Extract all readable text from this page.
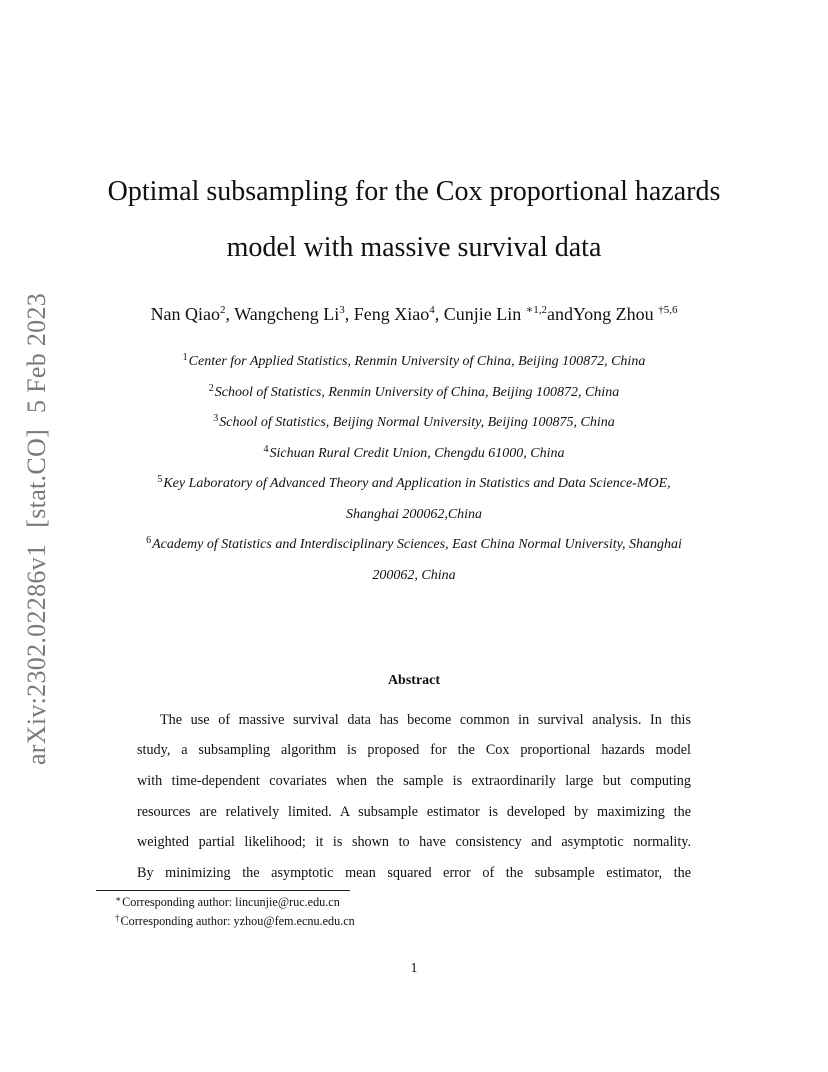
arXiv:2302.02286v1[stat.CO]5 Feb 2023
Optimal subsampling for the Cox proportional hazards
model with massive survival data
Nan Qiao$^2$, Wangcheng Li$^3$, Feng Xiao$^4$, Cunjie Lin $^{∗1,2}$andYong Zhou $^{\dagger 5,6}$
$^1$Center for Applied Statistics, Renmin University of China, Beijing 100872, China
$^2$School of Statistics, Renmin University of China, Beijing 100872, China
$^3$School of Statistics, Beijing Normal University, Beijing 100875, China
$^4$Sichuan Rural Credit Union, Chengdu 61000, China
$^5$Key Laboratory of Advanced Theory and Application in Statistics and Data Science-MOE,
Shanghai 200062,China
$^6$Academy of Statistics and Interdisciplinary Sciences, East China Normal University, Shanghai
200062, China
Abstract
The use of massive survival data has become common in survival analysis. In this
study, a subsampling algorithm is proposed for the Cox proportional hazards model
with time-dependent covariates when the sample is extraordinarily large but computing
resources are relatively limited. A subsample estimator is developed by maximizing the
weighted partial likelihood; it is shown to have consistency and asymptotic normality.
By minimizing the asymptotic mean squared error of the subsample estimator, the
∗Corresponding author: lincunjie@ruc.edu.cn
†Corresponding author: yzhou@fem.ecnu.edu.cn
1
